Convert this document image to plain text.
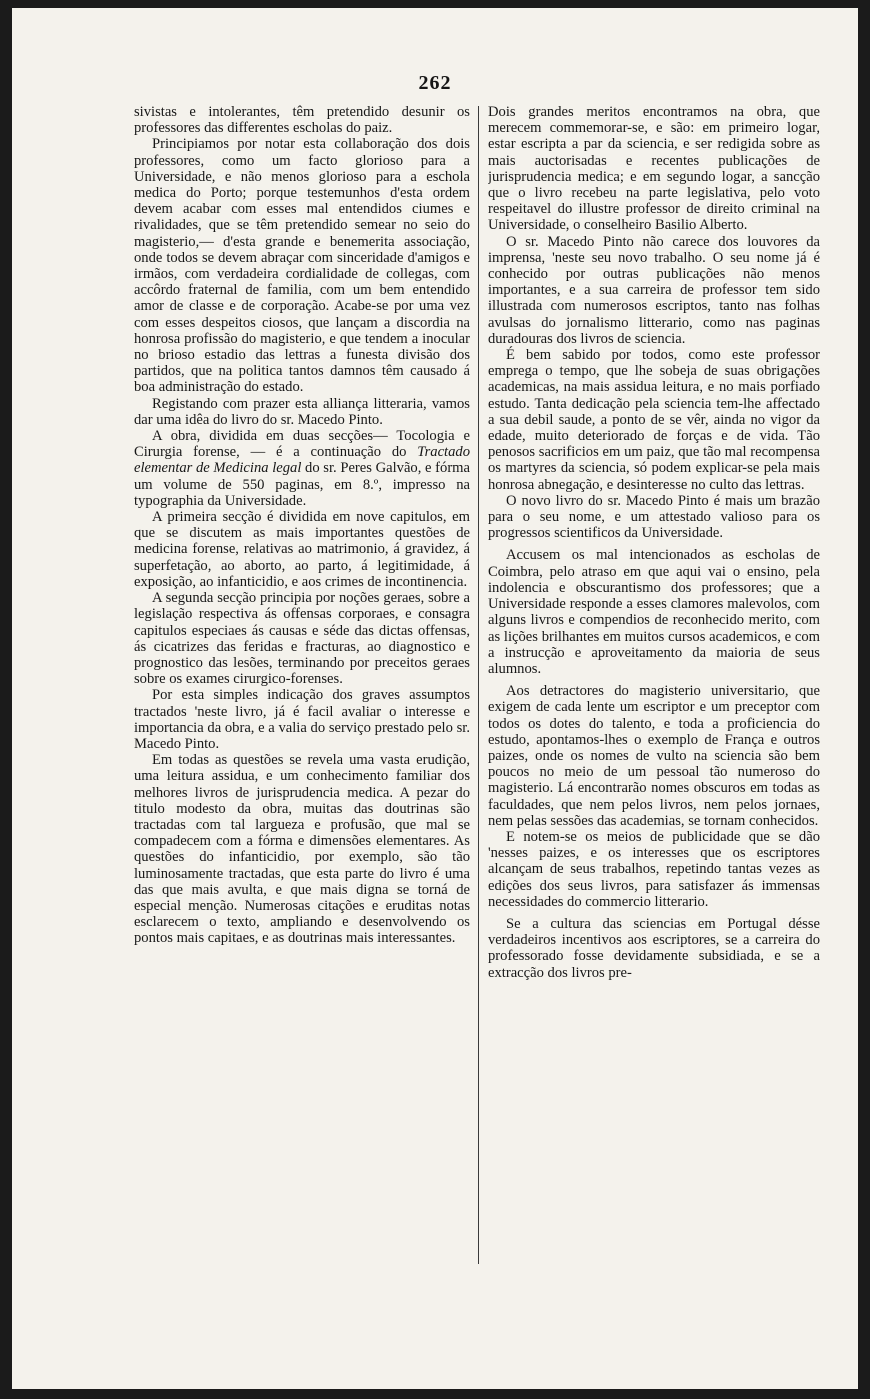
262

sivistas e intolerantes, têm pretendido desunir os professores das differentes escholas do paiz.

Principiamos por notar esta collaboração dos dois professores, como um facto glorioso para a Universidade, e não menos glorioso para a eschola medica do Porto; porque testemunhos d'esta ordem devem acabar com esses mal entendidos ciumes e rivalidades, que se têm pretendido semear no seio do magisterio,— d'esta grande e benemerita associação, onde todos se devem abraçar com sinceridade d'amigos e irmãos, com verdadeira cordialidade de collegas, com accôrdo fraternal de familia, com um bem entendido amor de classe e de corporação. Acabe-se por uma vez com esses despeitos ciosos, que lançam a discordia na honrosa profissão do magisterio, e que tendem a inocular no brioso estadio das lettras a funesta divisão dos partidos, que na politica tantos damnos têm causado á boa administração do estado.

Registando com prazer esta alliança litteraria, vamos dar uma idêa do livro do sr. Macedo Pinto.

A obra, dividida em duas secções— Tocologia e Cirurgia forense, — é a continuação do Tractado elementar de Medicina legal do sr. Peres Galvão, e fórma um volume de 550 paginas, em 8.º, impresso na typographia da Universidade.

A primeira secção é dividida em nove capitulos, em que se discutem as mais importantes questões de medicina forense, relativas ao matrimonio, á gravidez, á superfetação, ao aborto, ao parto, á legitimidade, á exposição, ao infanticidio, e aos crimes de incontinencia.

A segunda secção principia por noções geraes, sobre a legislação respectiva ás offensas corporaes, e consagra capitulos especiaes ás causas e séde das dictas offensas, ás cicatrizes das feridas e fracturas, ao diagnostico e prognostico das lesões, terminando por preceitos geraes sobre os exames cirurgico-forenses.

Por esta simples indicação dos graves assumptos tractados 'neste livro, já é facil avaliar o interesse e importancia da obra, e a valia do serviço prestado pelo sr. Macedo Pinto.

Em todas as questões se revela uma vasta erudição, uma leitura assidua, e um conhecimento familiar dos melhores livros de jurisprudencia medica. A pezar do titulo modesto da obra, muitas das doutrinas são tractadas com tal largueza e profusão, que mal se compadecem com a fórma e dimensões elementares. As questões do infanticidio, por exemplo, são tão luminosamente tractadas, que esta parte do livro é uma das que mais avulta, e que mais digna se torná de especial menção. Numerosas citações e eruditas notas esclarecem o texto, ampliando e desenvolvendo os pontos mais capitaes, e as doutrinas mais interessantes.

Dois grandes meritos encontramos na obra, que merecem commemorar-se, e são: em primeiro logar, estar escripta a par da sciencia, e ser redigida sobre as mais auctorisadas e recentes publicações de jurisprudencia medica; e em segundo logar, a sancção que o livro recebeu na parte legislativa, pelo voto respeitavel do illustre professor de direito criminal na Universidade, o conselheiro Basilio Alberto.

O sr. Macedo Pinto não carece dos louvores da imprensa, 'neste seu novo trabalho. O seu nome já é conhecido por outras publicações não menos importantes, e a sua carreira de professor tem sido illustrada com numerosos escriptos, tanto nas folhas avulsas do jornalismo litterario, como nas paginas duradouras dos livros de sciencia.

É bem sabido por todos, como este professor emprega o tempo, que lhe sobeja de suas obrigações academicas, na mais assidua leitura, e no mais porfiado estudo. Tanta dedicação pela sciencia tem-lhe affectado a sua debil saude, a ponto de se vêr, ainda no vigor da edade, muito deteriorado de forças e de vida. Tão penosos sacrificios em um paiz, que tão mal recompensa os martyres da sciencia, só podem explicar-se pela mais honrosa abnegação, e desinteresse no culto das lettras.

O novo livro do sr. Macedo Pinto é mais um brazão para o seu nome, e um attestado valioso para os progressos scientificos da Universidade.

Accusem os mal intencionados as escholas de Coimbra, pelo atraso em que aqui vai o ensino, pela indolencia e obscurantismo dos professores; que a Universidade responde a esses clamores malevolos, com alguns livros e compendios de reconhecido merito, com as lições brilhantes em muitos cursos academicos, e com a instrucção e aproveitamento da maioria de seus alumnos.

Aos detractores do magisterio universitario, que exigem de cada lente um escriptor e um preceptor com todos os dotes do talento, e toda a proficiencia do estudo, apontamos-lhes o exemplo de França e outros paizes, onde os nomes de vulto na sciencia são bem poucos no meio de um pessoal tão numeroso do magisterio. Lá encontrarão nomes obscuros em todas as faculdades, que nem pelos livros, nem pelos jornaes, nem pelas sessões das academias, se tornam conhecidos.

E notem-se os meios de publicidade que se dão 'nesses paizes, e os interesses que os escriptores alcançam de seus trabalhos, repetindo tantas vezes as edições dos seus livros, para satisfazer ás immensas necessidades do commercio litterario.

Se a cultura das sciencias em Portugal désse verdadeiros incentivos aos escriptores, se a carreira do professorado fosse devidamente subsidiada, e se a extracção dos livros pre-
